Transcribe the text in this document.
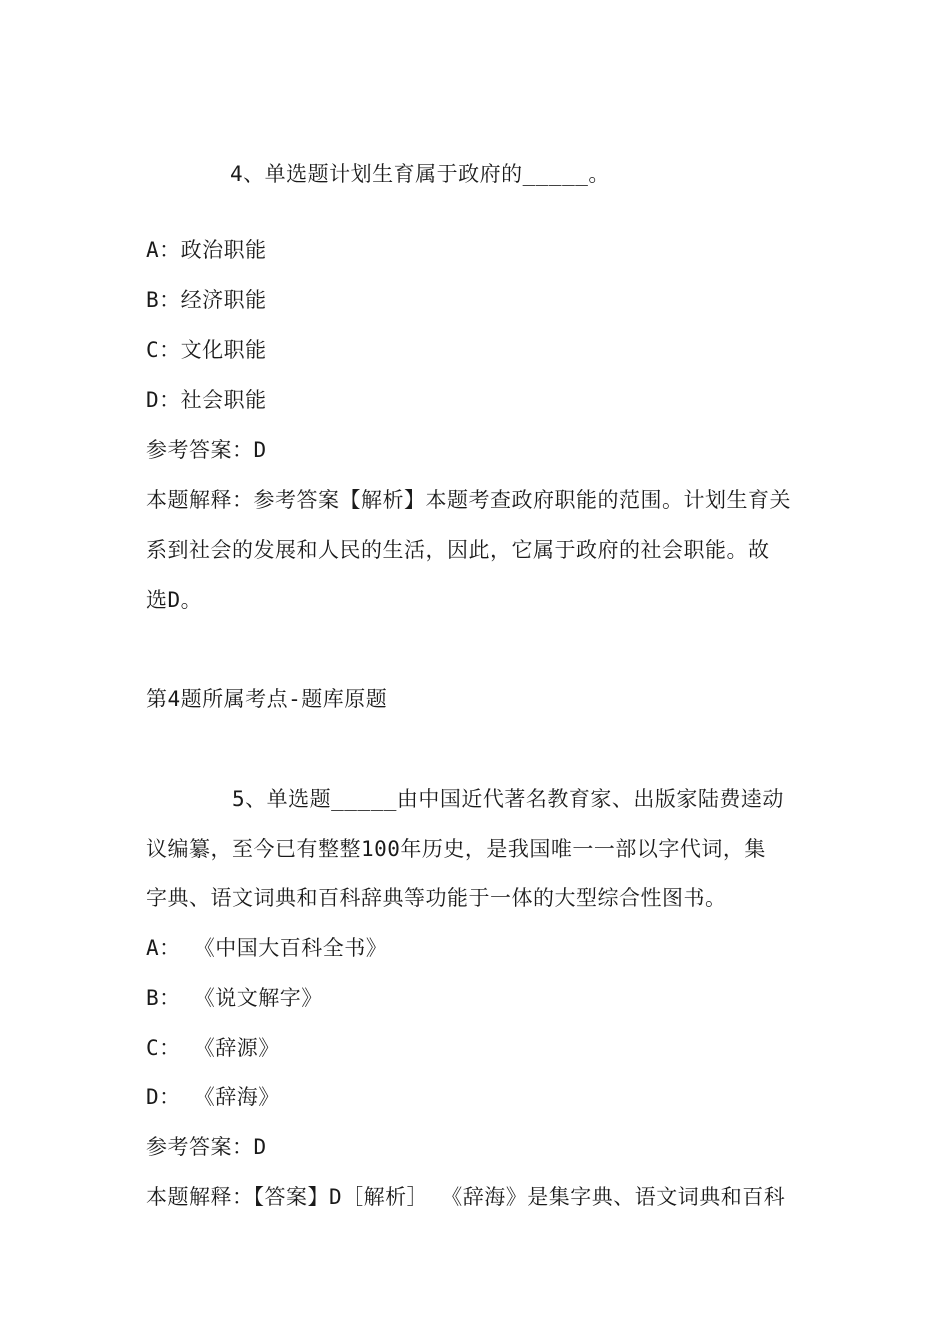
4、单选题计划生育属于政府的_____。
A：政治职能
B：经济职能
C：文化职能
D：社会职能
参考答案：D
本题解释：参考答案【解析】本题考查政府职能的范围。计划生育关
系到社会的发展和人民的生活，因此，它属于政府的社会职能。故
选D。
第4题所属考点-题库原题
5、单选题_____由中国近代著名教育家、出版家陆费逵动
议编纂，至今已有整整100年历史，是我国唯一一部以字代词，集
字典、语文词典和百科辞典等功能于一体的大型综合性图书。
A： 《中国大百科全书》
B： 《说文解字》
C： 《辞源》
D： 《辞海》
参考答案：D
本题解释：【答案】D［解析］ 《辞海》是集字典、语文词典和百科
